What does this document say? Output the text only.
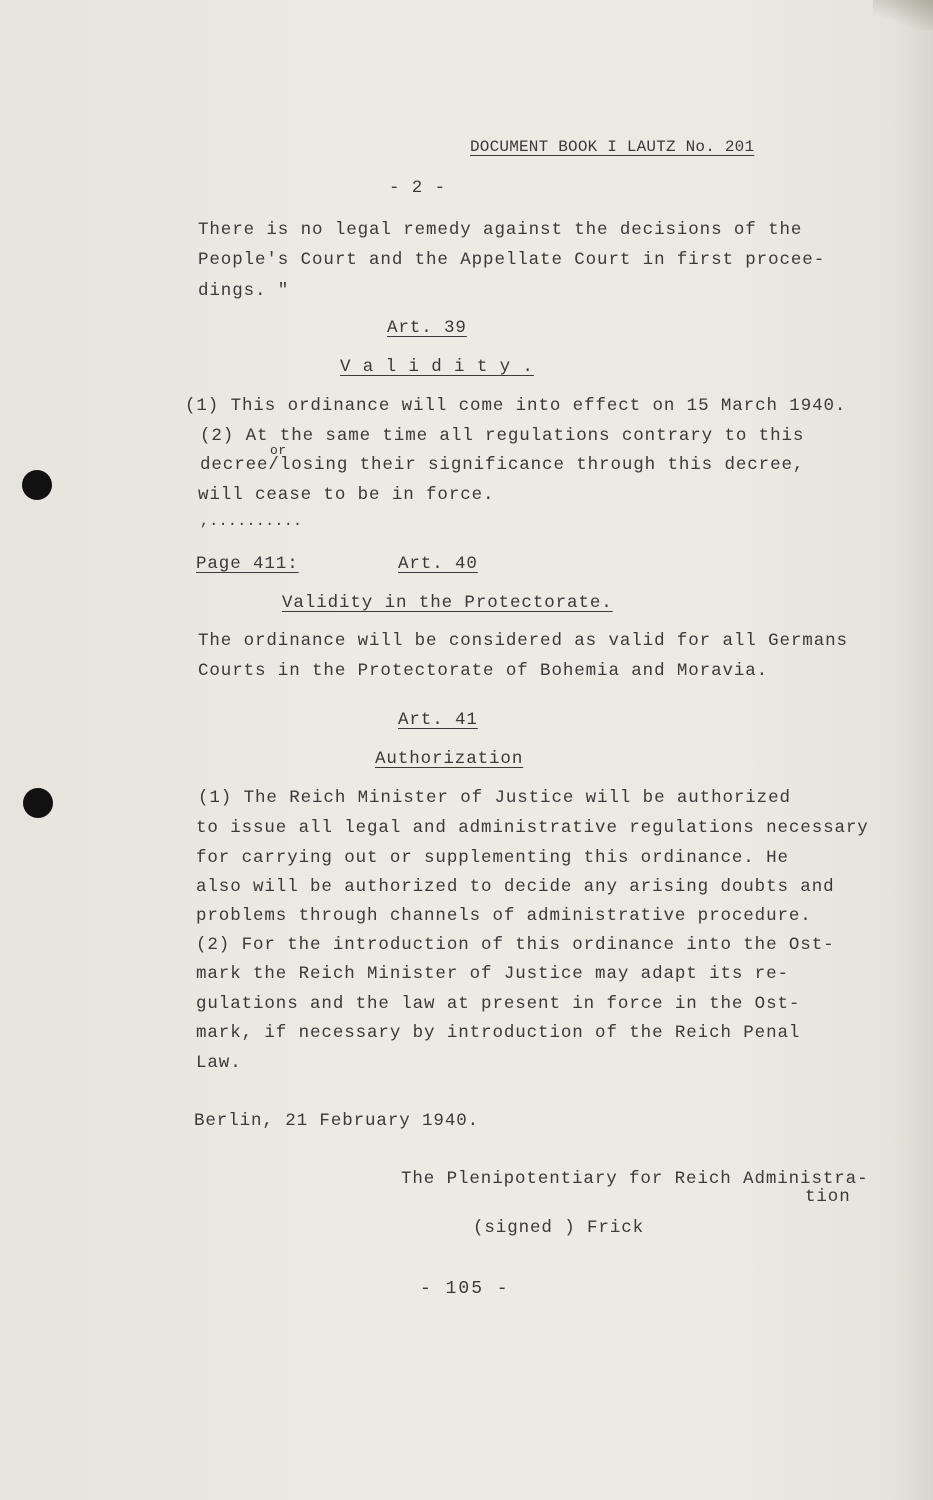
DOCUMENT BOOK I LAUTZ No. 201
- 2 -
There is no legal remedy against the decisions of the
People's Court and the Appellate Court in first procee-
dings. "
Art. 39
V a l i d i t y .
(1) This ordinance will come into effect on 15 March 1940.
(2) At the same time all regulations contrary to this
or
decree/losing their significance through this decree,
will cease to be in force.
,..........
Page 411:	Art. 40
Validity in the Protectorate.
The ordinance will be considered as valid for all Germans
Courts in the Protectorate of Bohemia and Moravia.
Art. 41
Authorization
(1) The Reich Minister of Justice will be authorized
to issue all legal and administrative regulations necessary
for carrying out or supplementing this ordinance. He
also will be authorized to decide any arising doubts and
problems through channels of administrative procedure.
(2) For the introduction of this ordinance into the Ost-
mark the Reich Minister of Justice may adapt its re-
gulations and the law at present in force in the Ost-
mark, if necessary by introduction of the Reich Penal
Law.
Berlin, 21 February 1940.
The Plenipotentiary for Reich Administra-
tion
(signed ) Frick
- 105 -
